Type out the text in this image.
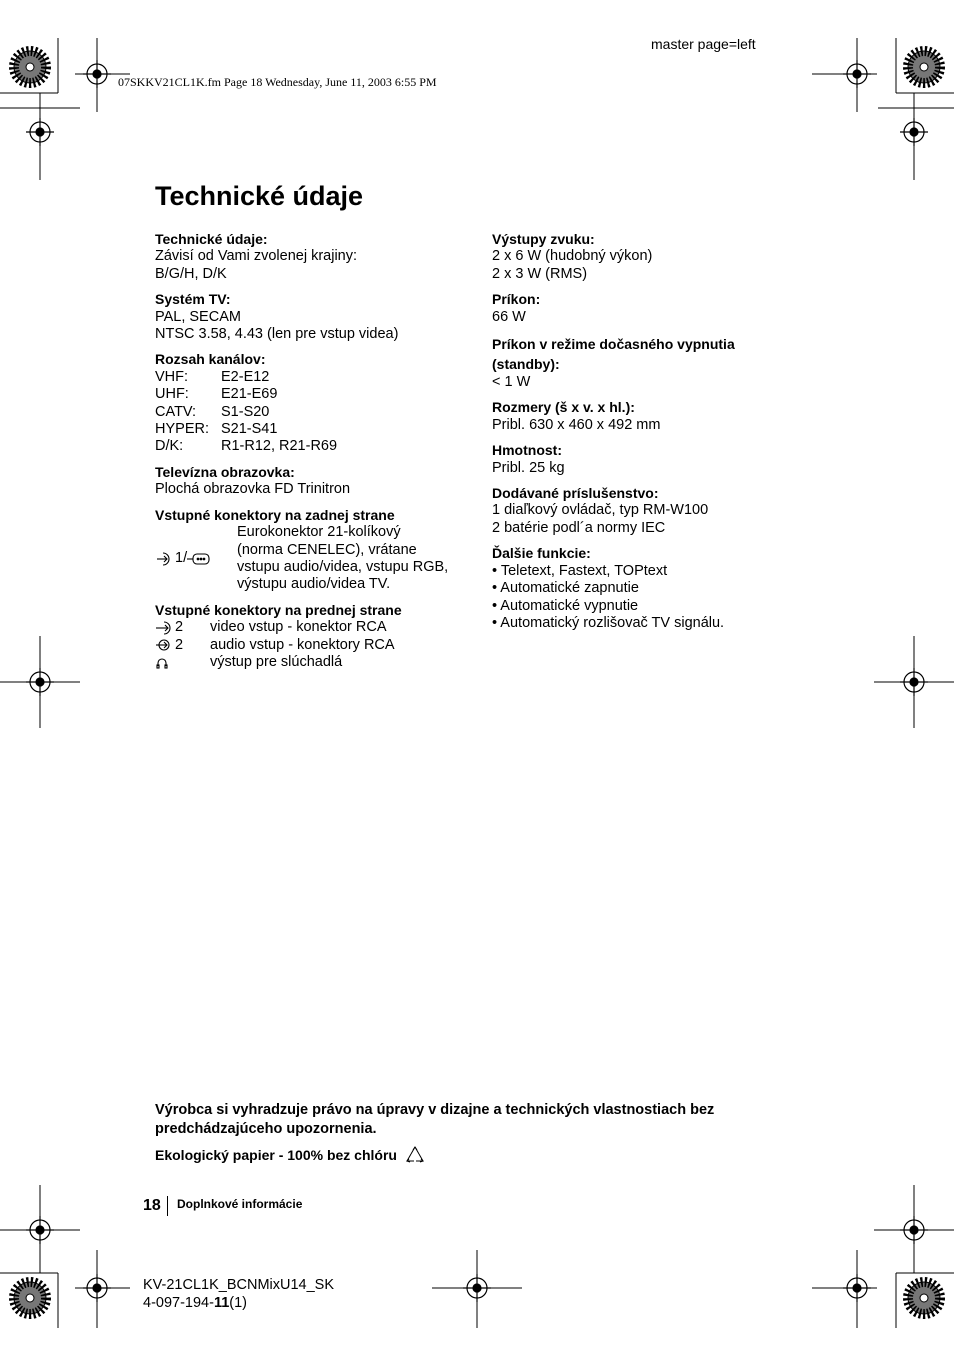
07SKKV21CL1K.fm Page 18 Wednesday, June 11, 2003 6:55 PM
master page=left
Technické údaje
Technické údaje:
Závisí od Vami zvolenej krajiny:
B/G/H, D/K
Systém TV:
PAL, SECAM
NTSC 3.58, 4.43 (len pre vstup videa)
Rozsah kanálov:
VHF:	E2-E12
UHF:	E21-E69
CATV:	S1-S20
HYPER: S21-S41
D/K:	R1-R12, R21-R69
Televízna obrazovka:
Plochá obrazovka FD Trinitron
Vstupné konektory na zadnej strane
1/
Eurokonektor 21-kolíkový
(norma CENELEC), vrátane
vstupu audio/videa, vstupu RGB,
výstupu audio/videa TV.
Vstupné konektory na prednej strane
2 video vstup - konektor RCA
2 audio vstup - konektory RCA
výstup pre slúchadlá
Výstupy zvuku:
2 x 6 W (hudobný výkon)
2 x 3 W (RMS)
Príkon:
66 W
Príkon v režime dočasného vypnutia
(standby):
< 1 W
Rozmery (š x v. x hl.):
Pribl. 630 x 460 x 492 mm
Hmotnost:
Pribl. 25 kg
Dodávané príslušenstvo:
1 diaľkový ovládač, typ RM-W100
2 batérie podl´a normy IEC
Ďalšie funkcie:
• Teletext, Fastext, TOPtext
• Automatické zapnutie
• Automatické vypnutie
• Automatický rozlišovač TV signálu.
Výrobca si vyhradzuje právo na úpravy v dizajne a technických vlastnostiach bez
predchádzajúceho upozornenia.
Ekologický papier - 100% bez chlóru
18 Doplnkové informácie
KV-21CL1K_BCNMixU14_SK
4-097-194-11(1)
